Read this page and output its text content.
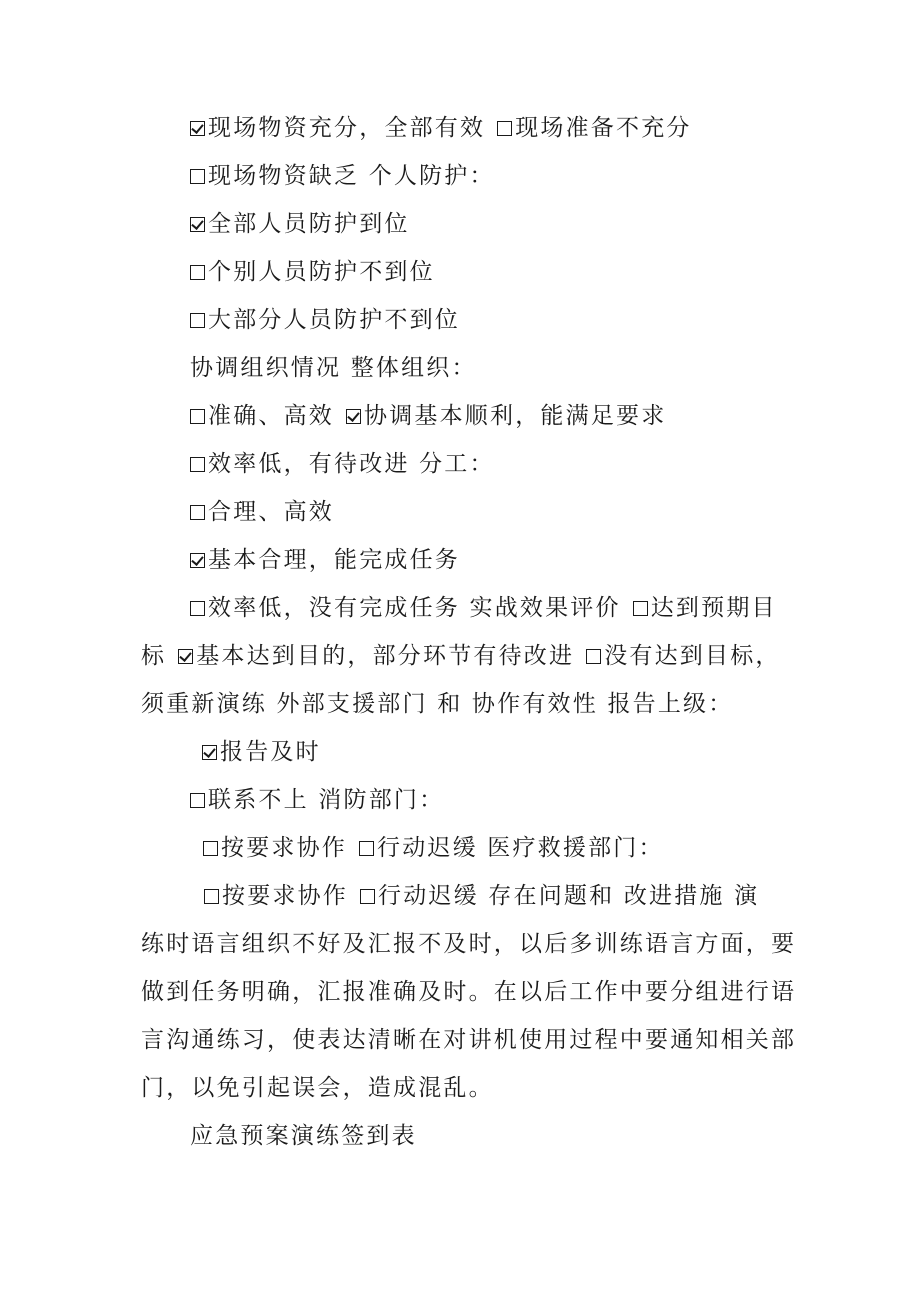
现场物资充分，全部有效 现场准备不充分
现场物资缺乏 个人防护：
全部人员防护到位
个别人员防护不到位
大部分人员防护不到位
协调组织情况 整体组织：
准确、高效 协调基本顺利，能满足要求
效率低，有待改进 分工：
合理、高效
基本合理，能完成任务
效率低，没有完成任务 实战效果评价 达到预期目
标 基本达到目的，部分环节有待改进 没有达到目标，
须重新演练 外部支援部门 和 协作有效性 报告上级：
报告及时
联系不上 消防部门：
按要求协作 行动迟缓 医疗救援部门：
按要求协作 行动迟缓 存在问题和 改进措施 演
练时语言组织不好及汇报不及时，以后多训练语言方面，要
做到任务明确，汇报准确及时。在以后工作中要分组进行语
言沟通练习，使表达清晰在对讲机使用过程中要通知相关部
门，以免引起误会，造成混乱。
应急预案演练签到表
